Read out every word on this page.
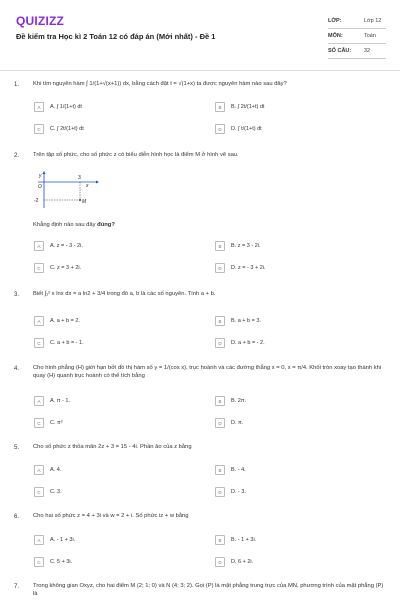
QUIZIZZ
Đề kiểm tra Học kì 2 Toán 12 có đáp án (Mới nhất) - Đề 1
LỚP:	Lớp 12
MÔN:	Toán
SỐ CÂU: 32
1. Khi tìm nguyên hàm ∫ 1/(1+√(x+1)) dx, bằng cách đặt t = √(1+x) ta được nguyên hàm nào sau đây?
A	A. ∫ 1/(1+t) dt	B	B. ∫ 2t/(1+t) dt
C	C. ∫ 2t/(1+t) dt	D	D. ∫ t/(1+t) dt
2. Trên tập số phức, cho số phức z có biểu diễn hình học là điểm M ở hình vẽ sau.
y
O	x
3
-2	M
Khẳng định nào sau đây đúng?
A	A. z = - 3 - 2i.	B	B. z = 3 - 2i.
C	C. z = 3 + 2i.	D	D. z = - 3 + 2i.
3. Biết ∫₁² x lnx dx = a ln2 + 3/4 trong đó a, b là các số nguyên. Tính a + b.
A	A. a + b = 2.	B	B. a + b = 3.
C	C. a + b = - 1.	D	D. a + b = - 2.
4. Cho hình phẳng (H) giới hạn bởi đồ thị hàm số y = 1/(cos x), trục hoành và các đường thẳng x = 0, x = π/4. Khối tròn xoay tạo thành khi quay (H) quanh trục hoành có thể tích bằng
A	A. π - 1.	B	B. 2π.
C	C. π²	D	D. π.
5. Cho số phức z thỏa mãn 2z + 3 = 15 - 4i. Phần ảo của z bằng
A	A. 4.	B	B. - 4.
C	C. 3.	D	D. - 3.
6. Cho hai số phức z = 4 + 3i và w = 2 + i. Số phức iz + w bằng
A	A. - 1 + 3i.	B	B. - 1 + 3i.
C	C. 5 + 3i.	D	D. 6 + 2i.
7. Trong không gian Oxyz, cho hai điểm M (2; 1; 0) và N (4; 3; 2). Gọi (P) là mặt phẳng trung trực của MN, phương trình của mặt phẳng (P) là
